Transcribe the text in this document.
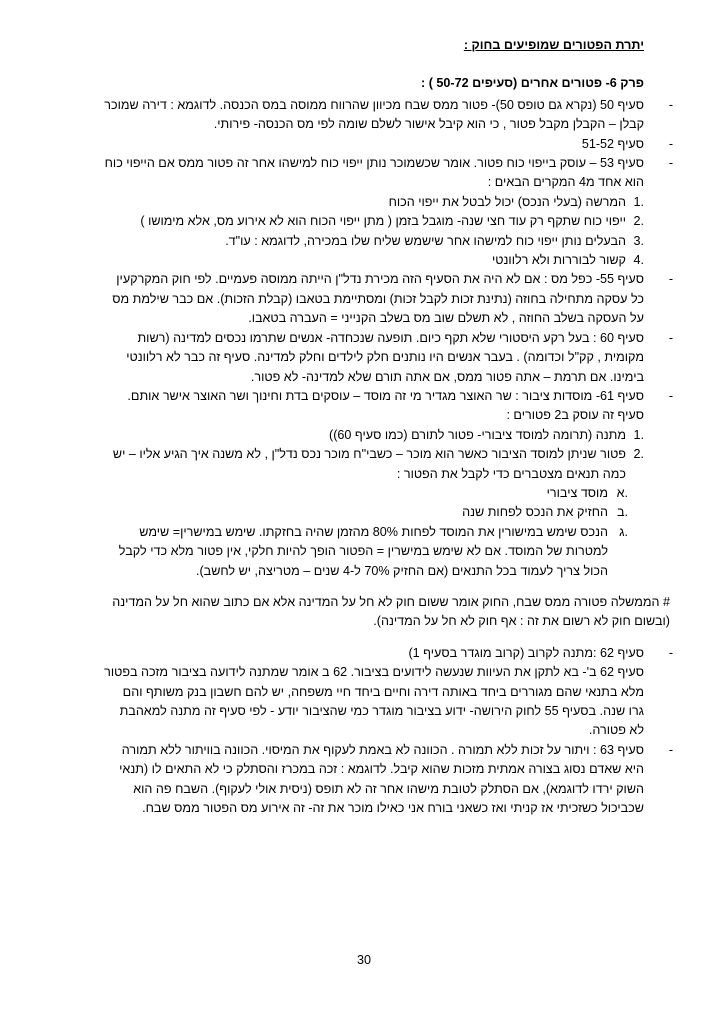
יתרת הפטורים שמופיעים בחוק :

פרק 6- פטורים אחרים (סעיפים 50-72 ) :

-

סעיף 50 (נקרא גם טופס 50)- פטור ממס שבח מכיוון שהרווח ממוסה במס הכנסה. לדוגמא : דירה שמוכר קבלן – הקבלן מקבל פטור , כי הוא קיבל אישור לשלם שומה לפי מס הכנסה- פירותי.

-

סעיף 51-52

-

סעיף 53 – עוסק בייפוי כוח פטור. אומר שכשמוכר נותן ייפוי כוח למישהו אחר זה פטור ממס אם הייפוי כוח הוא אחד מ4 המקרים הבאים :

.1
המרשה (בעלי הנכס) יכול לבטל את ייפוי הכוח
.2
ייפוי כוח שתקף רק עוד חצי שנה- מוגבל בזמן ( מתן ייפוי הכוח הוא לא אירוע מס, אלא מימושו )
.3
הבעלים נותן ייפוי כוח למישהו אחר שישמש שליח שלו במכירה, לדוגמא : עו"ד.
.4
קשור לבוררות ולא רלוונטי
-

סעיף 55- כפל מס : אם לא היה את הסעיף הזה מכירת נדל"ן הייתה ממוסה פעמיים. לפי חוק המקרקעין כל עסקה מתחילה בחוזה (נתינת זכות לקבל זכות) ומסתיימת בטאבו (קבלת הזכות). אם כבר שילמת מס על העסקה בשלב החוזה , לא תשלם שוב מס בשלב הקנייני = העברה בטאבו.

-

סעיף 60 : בעל רקע היסטורי שלא תקף כיום. תופעה שנכחדה- אנשים שתרמו נכסים למדינה (רשות מקומית , קק"ל וכדומה) . בעבר אנשים היו נותנים חלק לילדים וחלק למדינה. סעיף זה כבר לא רלוונטי בימינו. אם תרמת – אתה פטור ממס, אם אתה תורם שלא למדינה- לא פטור.

-

סעיף 61- מוסדות ציבור : שר האוצר מגדיר מי זה מוסד – עוסקים בדת וחינוך ושר האוצר אישר אותם. סעיף זה עוסק ב2 פטורים :

.1
מתנה (תרומה למוסד ציבורי- פטור לתורם (כמו סעיף 60))
.2
פטור שניתן למוסד הציבור כאשר הוא מוכר – כשבי"ח מוכר נכס נדל"ן , לא משנה איך הגיע אליו – יש כמה תנאים מצטברים כדי לקבל את הפטור :
.א
מוסד ציבורי
.ב
החזיק את הנכס לפחות שנה
.ג
הנכס שימש במישורין את המוסד לפחות 80% מהזמן שהיה בחזקתו. שימש במישרין= שימש למטרות של המוסד. אם לא שימש במישרין = הפטור הופך להיות חלקי, אין פטור מלא כדי לקבל הכול צריך לעמוד בכל התנאים (אם החזיק 70% ל-4 שנים – מטריצה, יש לחשב).

# הממשלה פטורה ממס שבח, החוק אומר ששום חוק לא חל על המדינה אלא אם כתוב שהוא חל על המדינה (ובשום חוק לא רשום את זה : אף חוק לא חל על המדינה).

-

סעיף 62 :מתנה לקרוב (קרוב מוגדר בסעיף 1)

סעיף 62 ב'- בא לתקן את העיוות שנעשה לידועים בציבור. 62 ב אומר שמתנה לידועה בציבור מזכה בפטור מלא בתנאי שהם מגוררים ביחד באותה דירה וחיים ביחד חיי משפחה, יש להם חשבון בנק משותף והם גרו שנה. בסעיף 55 לחוק הירושה- ידוע בציבור מוגדר כמי שהציבור יודע - לפי סעיף זה מתנה למאהבת לא פטורה.

-

סעיף 63 : ויתור על זכות ללא תמורה . הכוונה לא באמת לעקוף את המיסוי. הכוונה בוויתור ללא תמורה היא שאדם נסוג בצורה אמתית מזכות שהוא קיבל. לדוגמא : זכה במכרז והסתלק כי לא התאים לו (תנאי השוק ירדו לדוגמא), אם הסתלק לטובת מישהו אחר זה לא תופס (ניסית אולי לעקוף). השבח פה הוא שכביכול כשזכיתי אז קניתי ואז כשאני בורח אני כאילו מוכר את זה- זה אירוע מס הפטור ממס שבח.

30
